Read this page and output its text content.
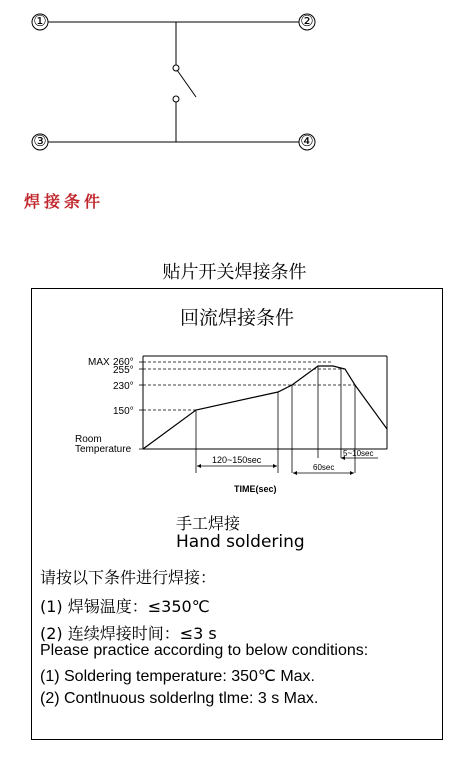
①	②
③	④
焊接条件
贴片开关焊接条件
回流焊接条件
MAX 260°
255°
230°
150°
Room
Temperature
120~150sec
60sec
5~10sec
TIME(sec)
手工焊接
Hand soldering
请按以下条件进行焊接：
(1) 焊锡温度：≤350℃
(2) 连续焊接时间：≤3 s
Please practice according to below conditions:
(1) Soldering temperature: 350℃ Max.
(2) Contlnuous solderlng tlme: 3 s Max.
